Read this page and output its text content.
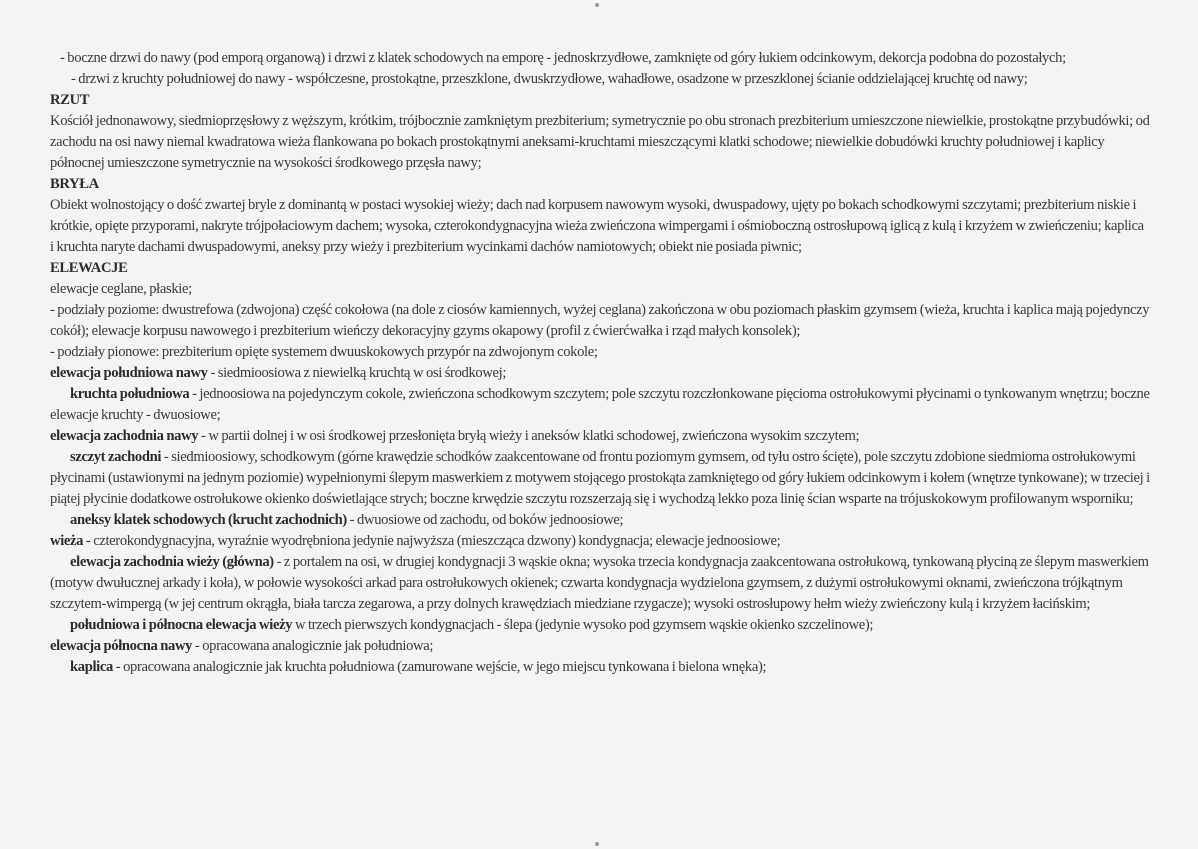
- boczne drzwi do nawy (pod emporą organową) i drzwi z klatek schodowych na emporę - jednoskrzydłowe, zamknięte od góry łukiem odcinkowym, dekorcja podobna do pozostałych;

- drzwi z kruchty południowej do nawy - współczesne, prostokątne, przeszklone, dwuskrzydłowe, wahadłowe, osadzone w przeszklonej ścianie oddzielającej kruchtę od nawy;

RZUT

Kościół jednonawowy, siedmioprzęsłowy z węższym, krótkim, trójbocznie zamkniętym prezbiterium; symetrycznie po obu stronach prezbiterium umieszczone niewielkie, prostokątne przybudówki; od zachodu na osi nawy niemal kwadratowa wieża flankowana po bokach prostokątnymi aneksami-kruchtami mieszczącymi klatki schodowe; niewielkie dobudówki kruchty południowej i kaplicy północnej umieszczone symetrycznie na wysokości środkowego przęsła nawy;

BRYŁA

Obiekt wolnostojący o dość zwartej bryle z dominantą w postaci wysokiej wieży; dach nad korpusem nawowym wysoki, dwuspadowy, ujęty po bokach schodkowymi szczytami; prezbiterium niskie i krótkie, opięte przyporami, nakryte trójpołaciowym dachem; wysoka, czterokondygnacyjna wieża zwieńczona wimpergami i ośmioboczną ostrosłupową iglicą z kulą i krzyżem w zwieńczeniu; kaplica i kruchta naryte dachami dwuspadowymi, aneksy przy wieży i prezbiterium wycinkami dachów namiotowych; obiekt nie posiada piwnic;

ELEWACJE

elewacje ceglane, płaskie;

- podziały poziome: dwustrefowa (zdwojona) część cokołowa (na dole z ciosów kamiennych, wyżej ceglana) zakończona w obu poziomach płaskim gzymsem (wieża, kruchta i kaplica mają pojedynczy cokół); elewacje korpusu nawowego i prezbiterium wieńczy dekoracyjny gzyms okapowy (profil z ćwierćwałka i rząd małych konsolek);

- podziały pionowe: prezbiterium opięte systemem dwuuskokowych przypór na zdwojonym cokole;

elewacja południowa nawy - siedmioosiowa z niewielką kruchtą w osi środkowej;

kruchta południowa - jednoosiowa na pojedynczym cokole, zwieńczona schodkowym szczytem; pole szczytu rozczłonkowane pięcioma ostrołukowymi płycinami o tynkowanym wnętrzu; boczne elewacje kruchty - dwuosiowe;

elewacja zachodnia nawy - w partii dolnej i w osi środkowej przesłonięta bryłą wieży i aneksów klatki schodowej, zwieńczona wysokim szczytem;

szczyt zachodni - siedmioosiowy, schodkowym (górne krawędzie schodków zaakcentowane od frontu poziomym gymsem, od tyłu ostro ścięte), pole szczytu zdobione siedmioma ostrołukowymi płycinami (ustawionymi na jednym poziomie) wypełnionymi ślepym maswerkiem z motywem stojącego prostokąta zamkniętego od góry łukiem odcinkowym i kołem (wnętrze tynkowane); w trzeciej i piątej płycinie dodatkowe ostrołukowe okienko doświetlające strych; boczne krwędzie szczytu rozszerzają się i wychodzą lekko poza linię ścian wsparte na trójuskokowym profilowanym wsporniku;

aneksy klatek schodowych (krucht zachodnich) - dwuosiowe od zachodu, od boków jednoosiowe;

wieża - czterokondygnacyjna, wyraźnie wyodrębniona jedynie najwyższa (mieszcząca dzwony) kondygnacja; elewacje jednoosiowe;

elewacja zachodnia wieży (główna) - z portalem na osi, w drugiej kondygnacji 3 wąskie okna; wysoka trzecia kondygnacja zaakcentowana ostrołukową, tynkowaną płyciną ze ślepym maswerkiem (motyw dwułucznej arkady i koła), w połowie wysokości arkad para ostrołukowych okienek; czwarta kondygnacja wydzielona gzymsem, z dużymi ostrołukowymi oknami, zwieńczona trójkątnym szczytem-wimpergą (w jej centrum okrągła, biała tarcza zegarowa, a przy dolnych krawędziach miedziane rzygacze); wysoki ostrosłupowy hełm wieży zwieńczony kulą i krzyżem łacińskim;

południowa i północna elewacja wieży w trzech pierwszych kondygnacjach - ślepa (jedynie wysoko pod gzymsem wąskie okienko szczelinowe);

elewacja północna nawy - opracowana analogicznie jak południowa;

kaplica - opracowana analogicznie jak kruchta południowa (zamurowane wejście, w jego miejscu tynkowana i bielona wnęka);
